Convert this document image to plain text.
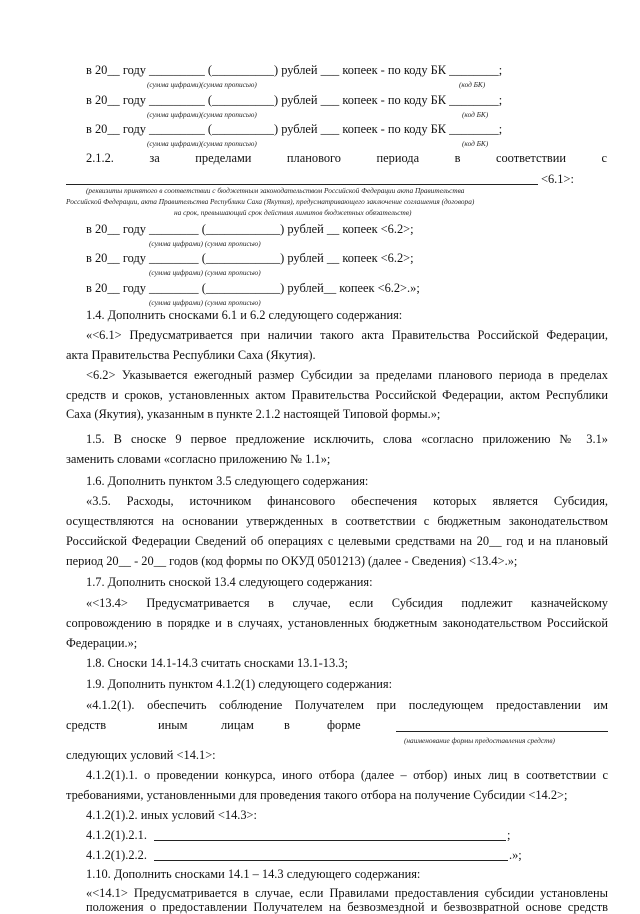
в 20__ году _________ (__________) рублей ___ копеек - по коду БК ________;
(сумма цифрами)(сумма прописью)	(код БК)
в 20__ году _________ (__________) рублей ___ копеек - по коду БК ________;
(сумма цифрами)(сумма прописью)	(код БК)
в 20__ году _________ (__________) рублей ___ копеек - по коду БК ________;
(сумма цифрами)(сумма прописью)	(код БК)
2.1.2. за пределами планового периода в соответствии с
<6.1>:
(реквизиты принятого в соответствии с бюджетным законодательством Российской Федерации акта Правительства
Российской Федерации, акта Правительства Республики Саха (Якутия), предусматривающего заключение соглашения (договора)
на срок, превышающий срок действия лимитов бюджетных обязательств)
в 20__ году ________ (____________) рублей __ копеек <6.2>;
(сумма цифрами) (сумма прописью)
в 20__ году ________ (____________) рублей __ копеек <6.2>;
(сумма цифрами) (сумма прописью)
в 20__ году ________ (____________) рублей__ копеек <6.2>.»;
(сумма цифрами) (сумма прописью)
1.4. Дополнить сносками 6.1 и 6.2 следующего содержания:
«<6.1> Предусматривается при наличии такого акта Правительства Российской Федерации,
акта Правительства Республики Саха (Якутия).
<6.2> Указывается ежегодный размер Субсидии за пределами планового периода в пределах
средств и сроков, установленных актом Правительства Российской Федерации, актом Республики
Саха (Якутия), указанным в пункте 2.1.2 настоящей Типовой формы.»;
1.5. В сноске 9 первое предложение исключить, слова «согласно приложению № 3.1»
заменить словами «согласно приложению № 1.1»;
1.6. Дополнить пунктом 3.5 следующего содержания:
«3.5. Расходы, источником финансового обеспечения которых является Субсидия,
осуществляются на основании утвержденных в соответствии с бюджетным законодательством
Российской Федерации Сведений об операциях с целевыми средствами на 20__ год и на плановый
период 20__ - 20__ годов (код формы по ОКУД 0501213) (далее - Сведения) <13.4>.»;
1.7. Дополнить сноской 13.4 следующего содержания:
«<13.4> Предусматривается в случае, если Субсидия подлежит казначейскому
сопровождению в порядке и в случаях, установленных бюджетным законодательством Российской
Федерации.»;
1.8. Сноски 14.1-14.3 считать сносками 13.1-13.3;
1.9. Дополнить пунктом 4.1.2(1) следующего содержания:
«4.1.2(1). обеспечить соблюдение Получателем при последующем предоставлении им
средств	иным	лицам в	форме
(наименование формы предоставления средств)
следующих условий <14.1>:
4.1.2(1).1. о проведении конкурса, иного отбора (далее – отбор) иных лиц в соответствии с
требованиями, установленными для проведения такого отбора на получение Субсидии <14.2>;
4.1.2(1).2. иных условий <14.3>:
4.1.2(1).2.1.	;
4.1.2(1).2.2.	.»;
1.10. Дополнить сносками 14.1 – 14.3 следующего содержания:
«<14.1> Предусматривается в случае, если Правилами предоставления субсидии установлены положения о предоставлении Получателем на безвозмездной и безвозвратной основе средств
